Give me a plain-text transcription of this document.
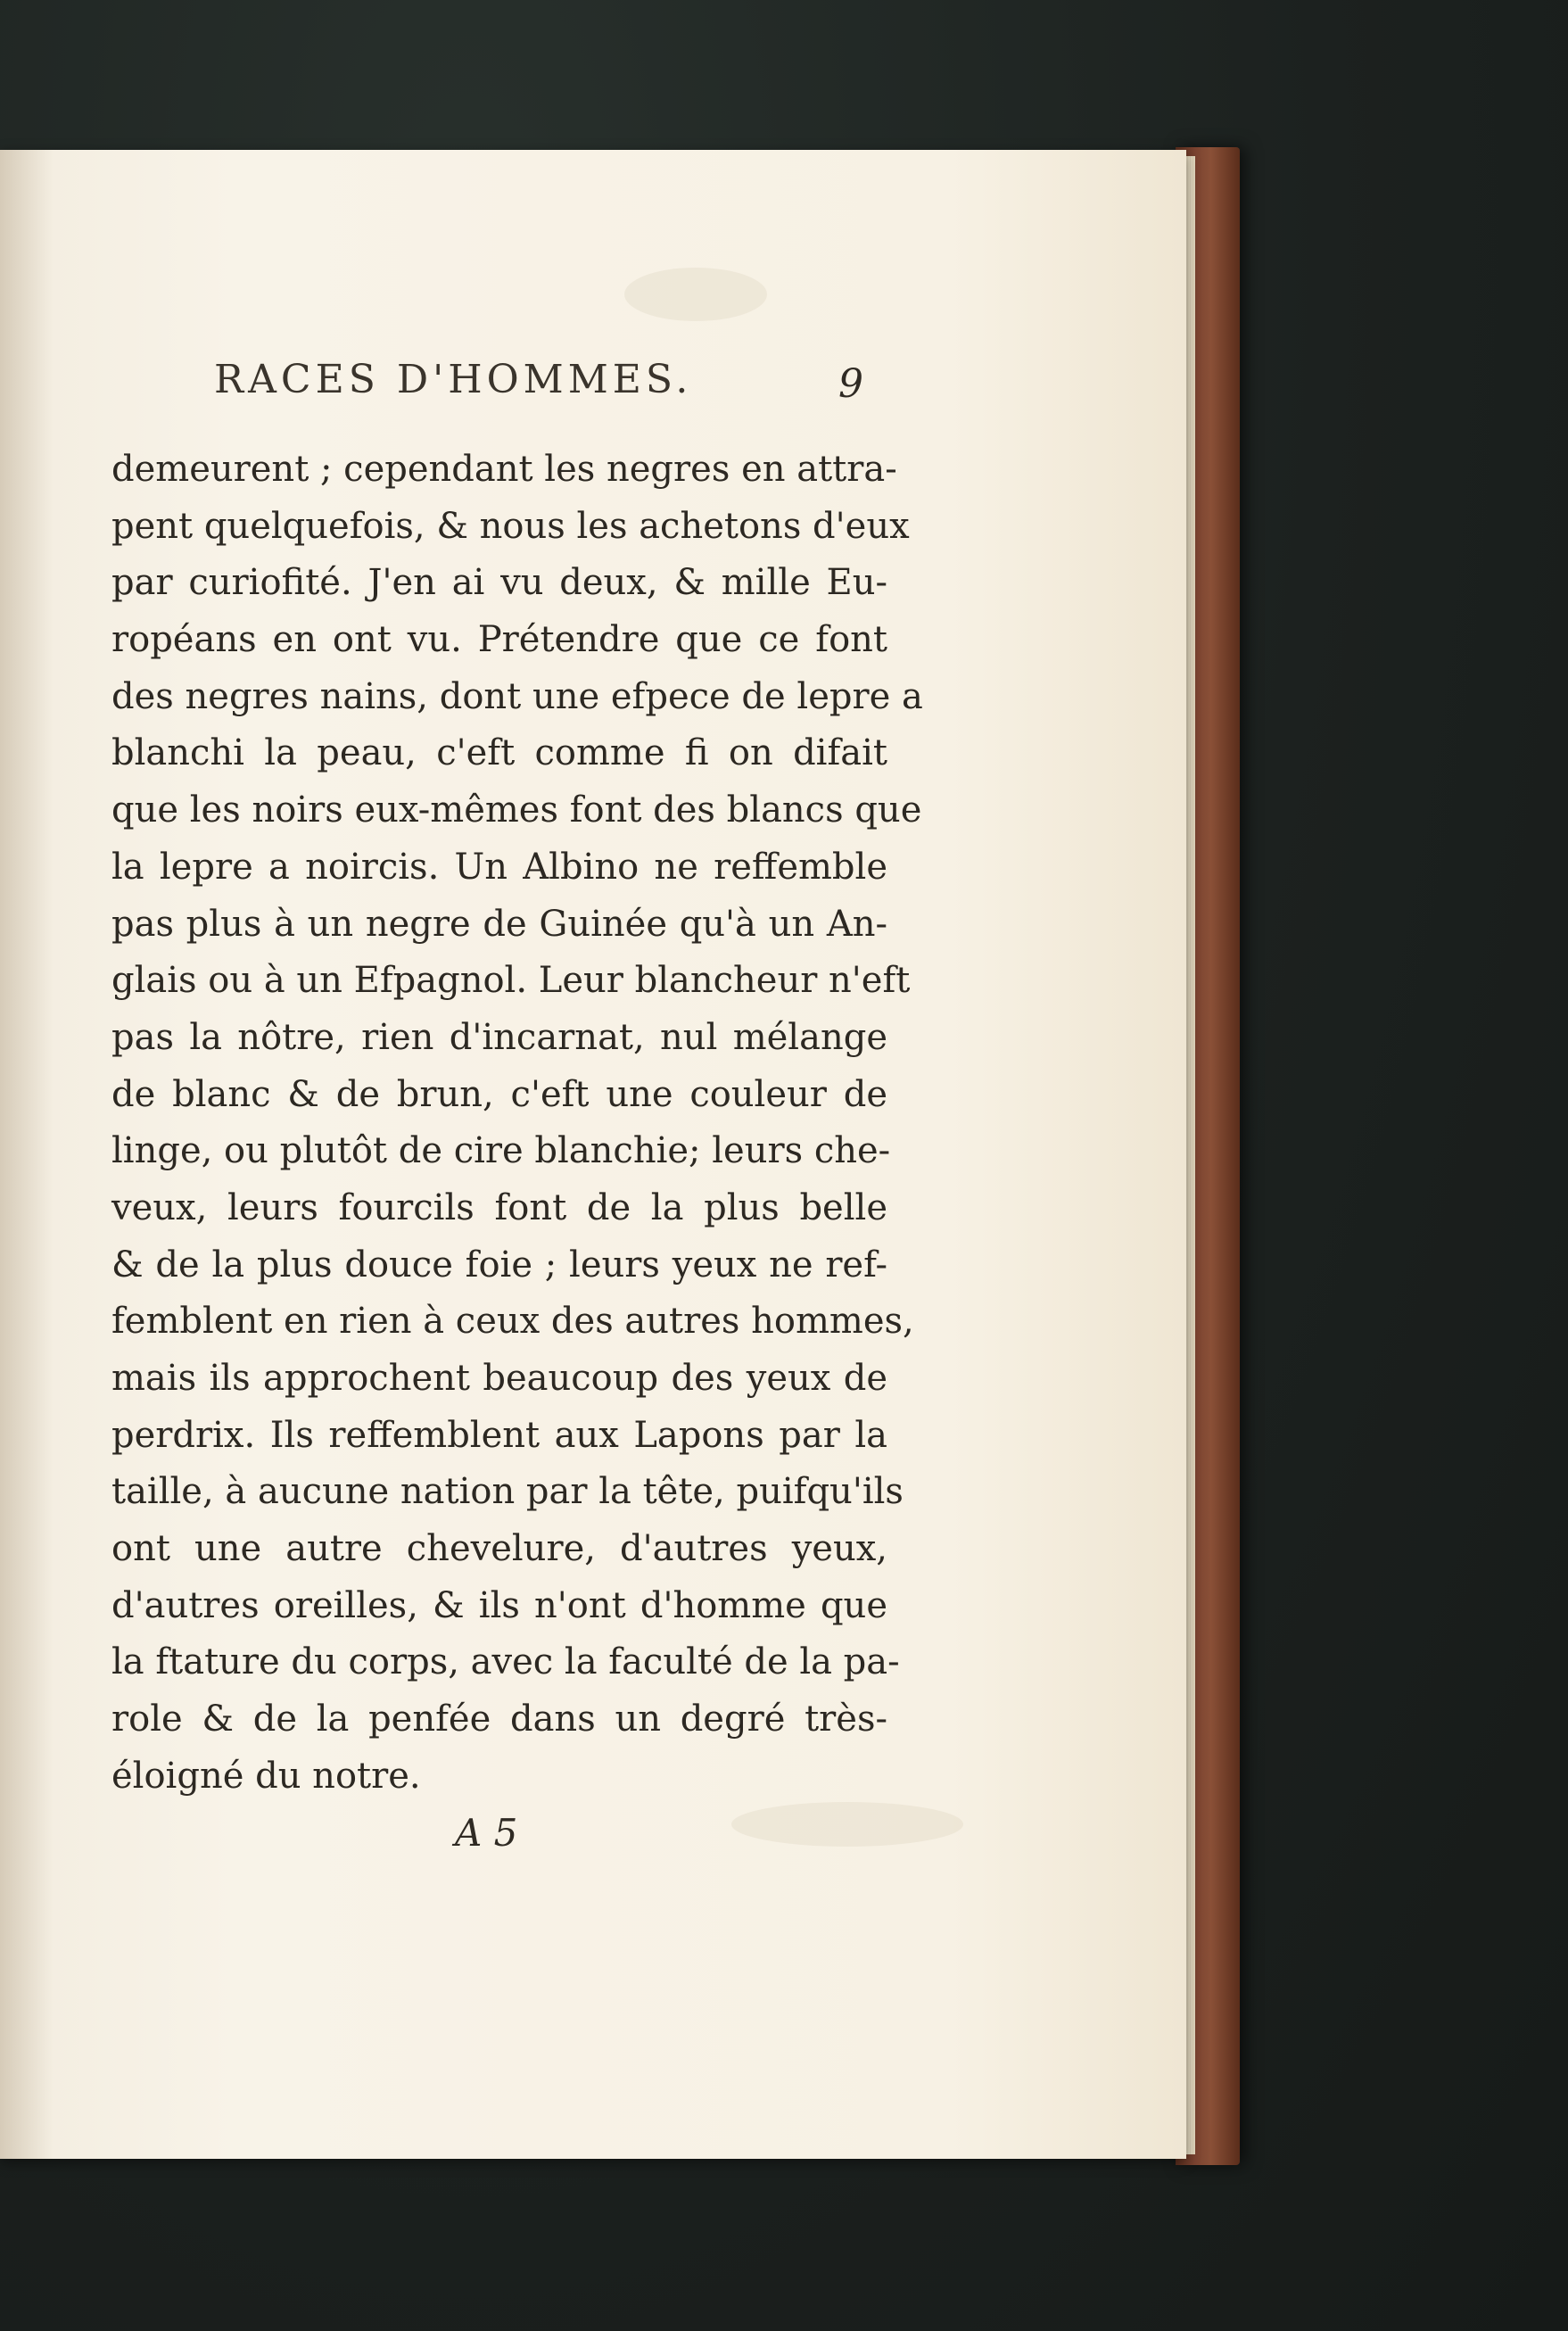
RACES D'HOMMES.	9
demeurent ; cependant les negres en attra-
pent quelquefois, & nous les achetons d'eux
par curiofité. J'en ai vu deux, & mille Eu-
ropéans en ont vu. Prétendre que ce font
des negres nains, dont une efpece de lepre a
blanchi la peau, c'eft comme fi on difait
que les noirs eux-mêmes font des blancs que
la lepre a noircis. Un Albino ne reffemble
pas plus à un negre de Guinée qu'à un An-
glais ou à un Efpagnol. Leur blancheur n'eft
pas la nôtre, rien d'incarnat, nul mélange
de blanc & de brun, c'eft une couleur de
linge, ou plutôt de cire blanchie; leurs che-
veux, leurs fourcils font de la plus belle
& de la plus douce foie ; leurs yeux ne ref-
femblent en rien à ceux des autres hommes,
mais ils approchent beaucoup des yeux de
perdrix. Ils reffemblent aux Lapons par la
taille, à aucune nation par la tête, puifqu'ils
ont une autre chevelure, d'autres yeux,
d'autres oreilles, & ils n'ont d'homme que
la ftature du corps, avec la faculté de la pa-
role & de la penfée dans un degré très-
éloigné du notre.
A 5
